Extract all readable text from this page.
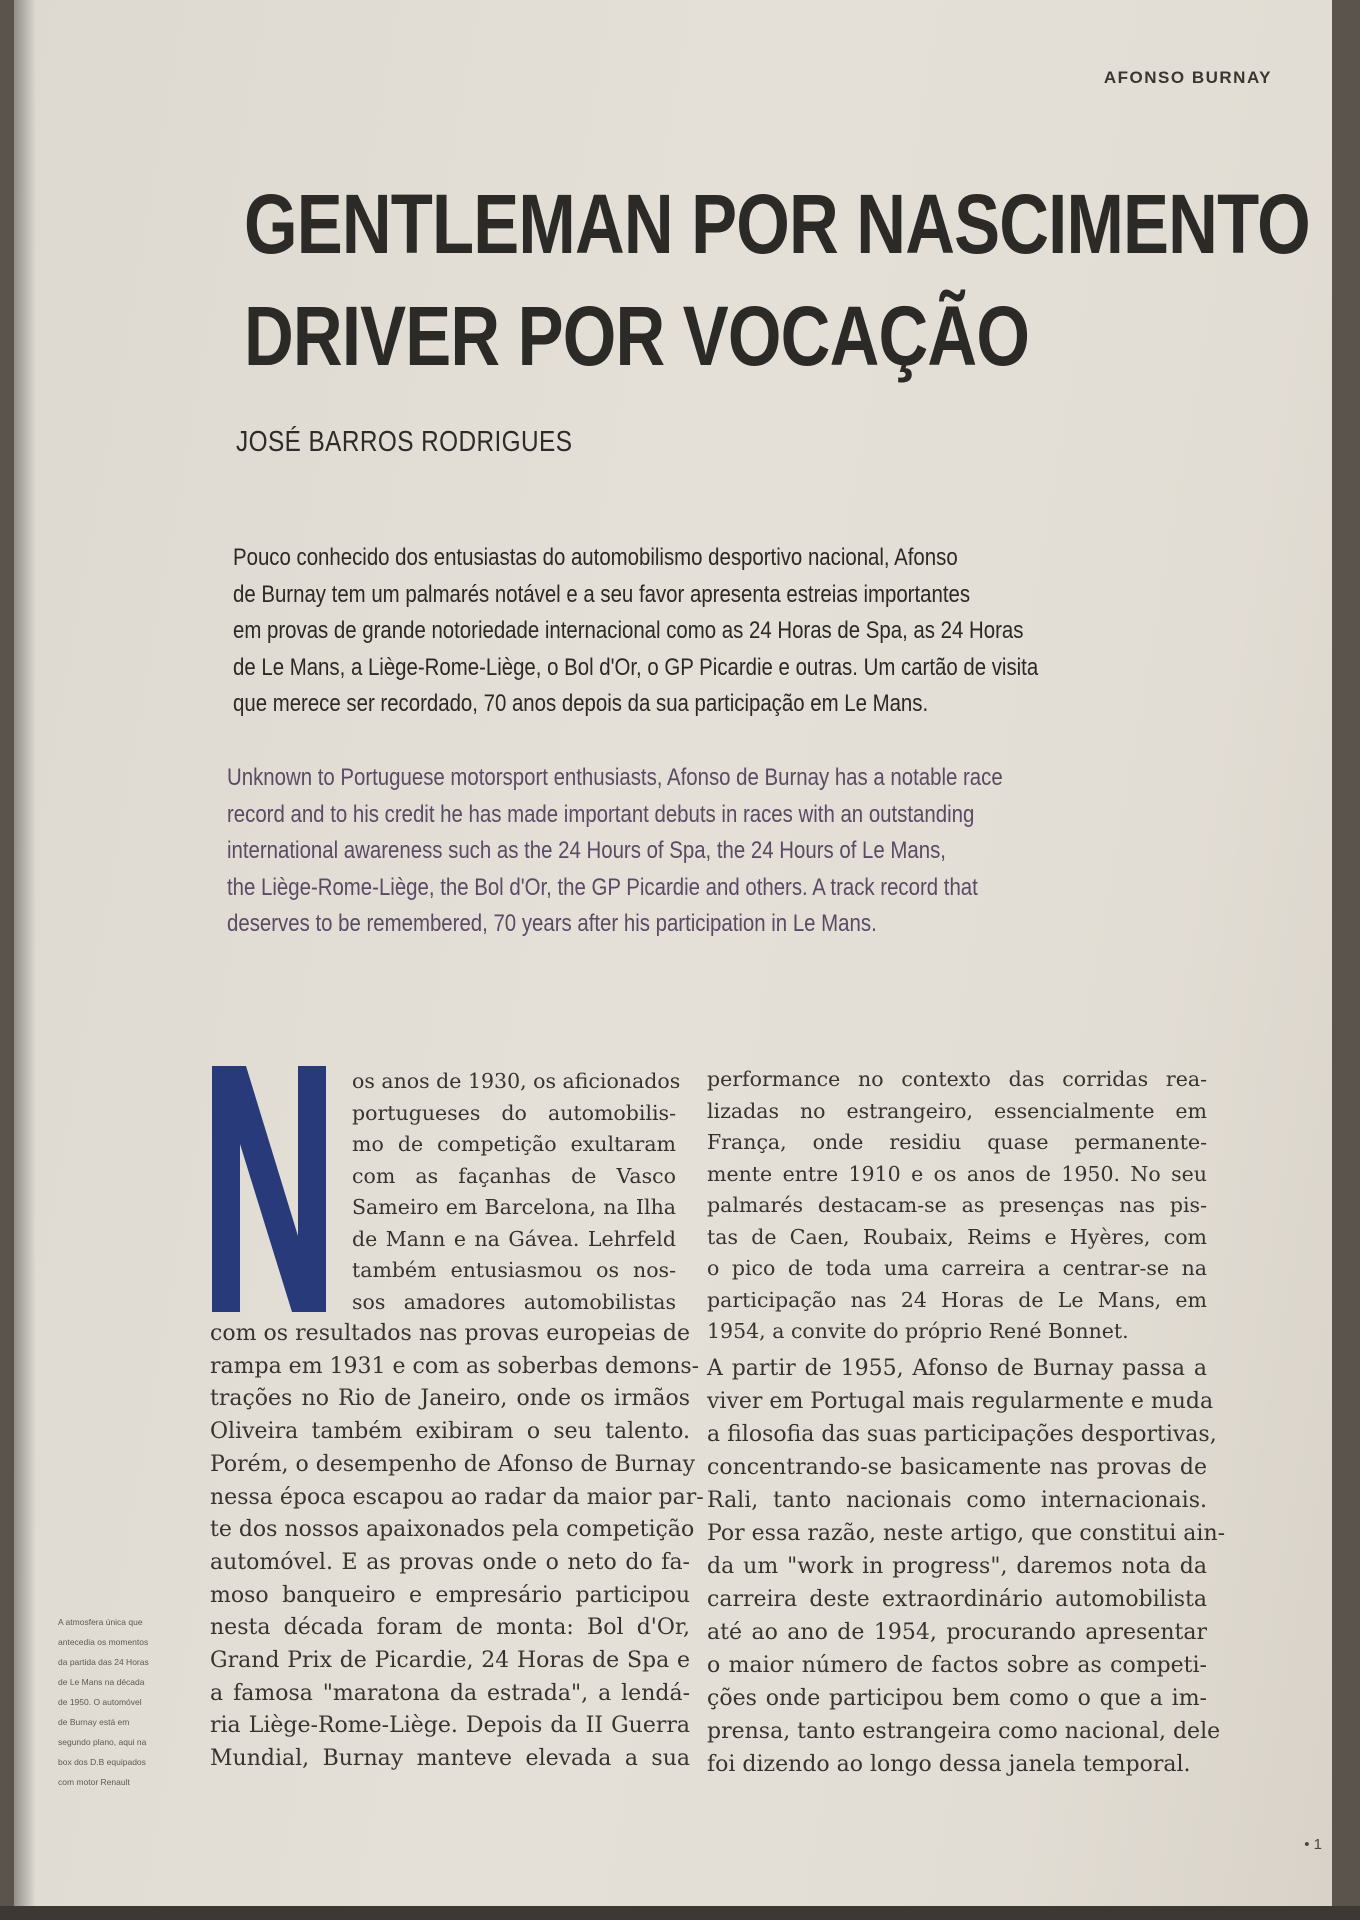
AFONSO BURNAY
GENTLEMAN POR NASCIMENTO
DRIVER POR VOCAÇÃO
JOSÉ BARROS RODRIGUES
Pouco conhecido dos entusiastas do automobilismo desportivo nacional, Afonso
de Burnay tem um palmarés notável e a seu favor apresenta estreias importantes
em provas de grande notoriedade internacional como as 24 Horas de Spa, as 24 Horas
de Le Mans, a Liège-Rome-Liège, o Bol d'Or, o GP Picardie e outras. Um cartão de visita
que merece ser recordado, 70 anos depois da sua participação em Le Mans.
Unknown to Portuguese motorsport enthusiasts, Afonso de Burnay has a notable race
record and to his credit he has made important debuts in races with an outstanding
international awareness such as the 24 Hours of Spa, the 24 Hours of Le Mans,
the Liège-Rome-Liège, the Bol d'Or, the GP Picardie and others. A track record that
deserves to be remembered, 70 years after his participation in Le Mans.
os anos de 1930, os aficionados
portugueses do automobilis-
mo de competição exultaram
com as façanhas de Vasco
Sameiro em Barcelona, na Ilha
de Mann e na Gávea. Lehrfeld
também entusiasmou os nos-
sos amadores automobilistas
com os resultados nas provas europeias de
rampa em 1931 e com as soberbas demons-
trações no Rio de Janeiro, onde os irmãos
Oliveira também exibiram o seu talento.
Porém, o desempenho de Afonso de Burnay
nessa época escapou ao radar da maior par-
te dos nossos apaixonados pela competição
automóvel. E as provas onde o neto do fa-
moso banqueiro e empresário participou
nesta década foram de monta: Bol d'Or,
Grand Prix de Picardie, 24 Horas de Spa e
a famosa "maratona da estrada", a lendá-
ria Liège-Rome-Liège. Depois da II Guerra
Mundial, Burnay manteve elevada a sua
performance no contexto das corridas rea-
lizadas no estrangeiro, essencialmente em
França, onde residiu quase permanente-
mente entre 1910 e os anos de 1950. No seu
palmarés destacam-se as presenças nas pis-
tas de Caen, Roubaix, Reims e Hyères, com
o pico de toda uma carreira a centrar-se na
participação nas 24 Horas de Le Mans, em
1954, a convite do próprio René Bonnet.
A partir de 1955, Afonso de Burnay passa a
viver em Portugal mais regularmente e muda
a filosofia das suas participações desportivas,
concentrando-se basicamente nas provas de
Rali, tanto nacionais como internacionais.
Por essa razão, neste artigo, que constitui ain-
da um "work in progress", daremos nota da
carreira deste extraordinário automobilista
até ao ano de 1954, procurando apresentar
o maior número de factos sobre as competi-
ções onde participou bem como o que a im-
prensa, tanto estrangeira como nacional, dele
foi dizendo ao longo dessa janela temporal.
A atmosfera única que
antecedia os momentos
da partida das 24 Horas
de Le Mans na década
de 1950. O automóvel
de Burnay está em
segundo plano, aqui na
box dos D.B equipados
com motor Renault
• 1
